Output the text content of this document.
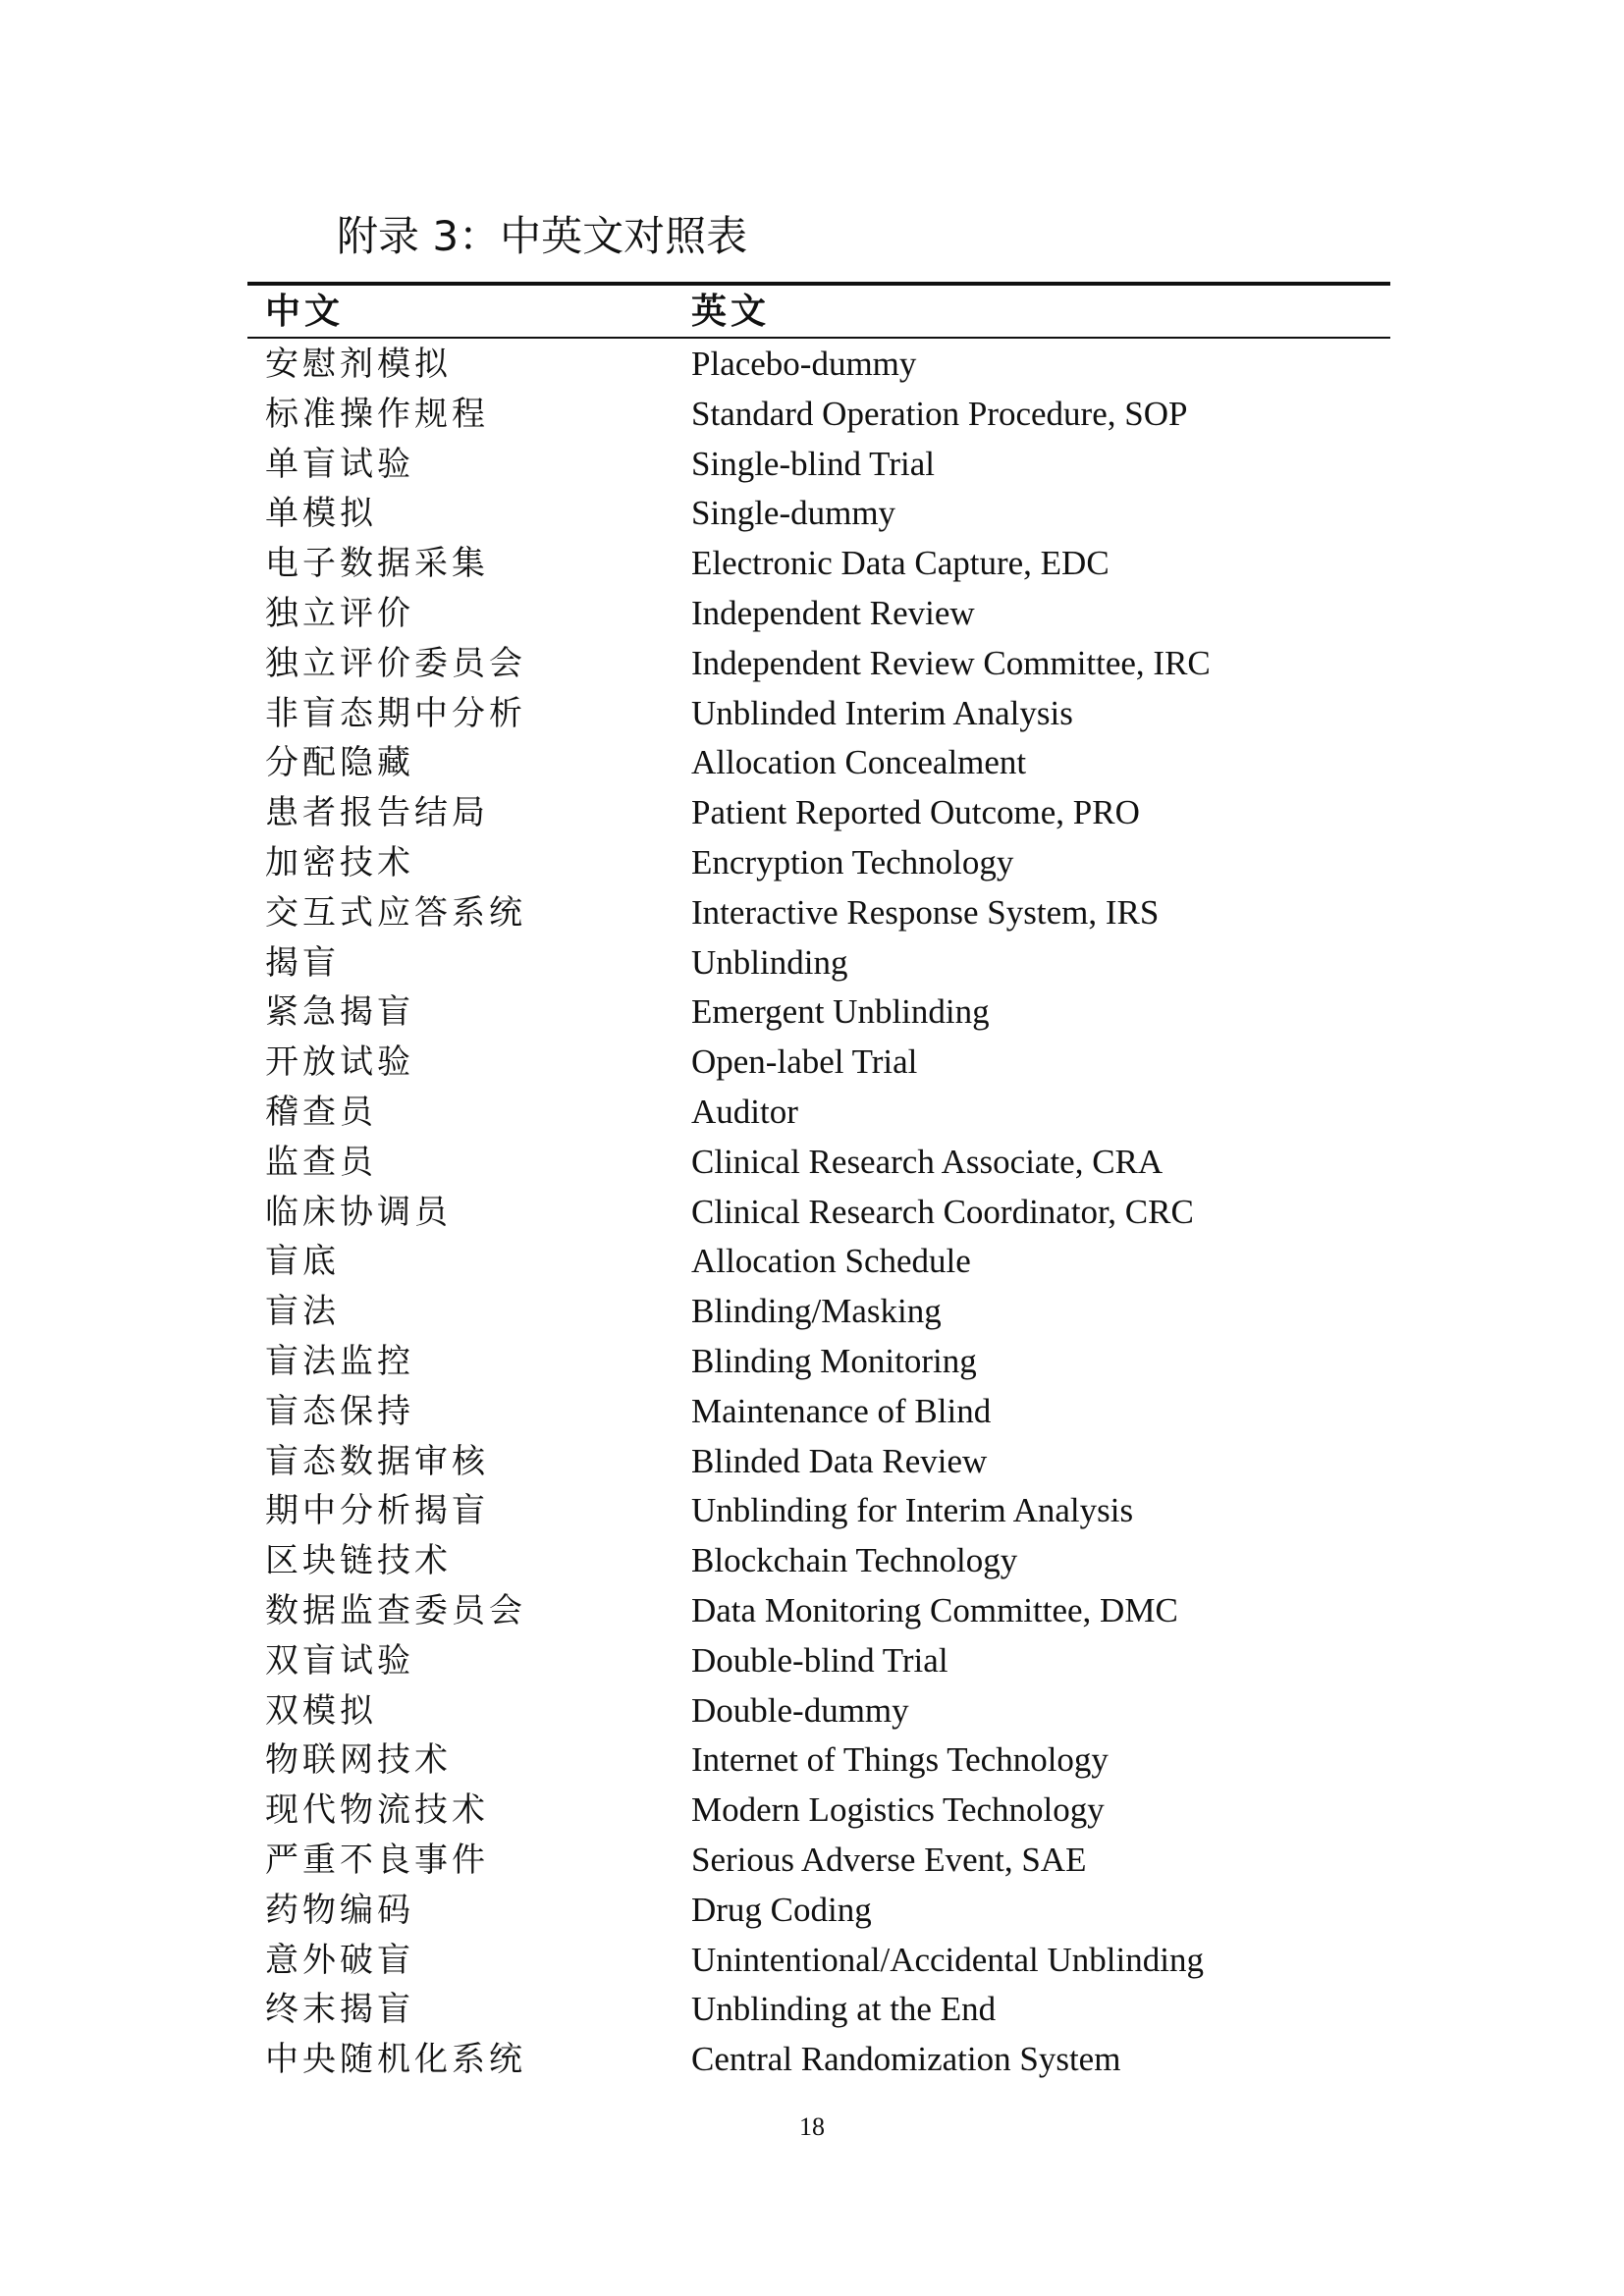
附录 3：中英文对照表
中文	英文
安慰剂模拟	Placebo-dummy
标准操作规程	Standard Operation Procedure, SOP
单盲试验	Single-blind Trial
单模拟	Single-dummy
电子数据采集	Electronic Data Capture, EDC
独立评价	Independent Review
独立评价委员会	Independent Review Committee, IRC
非盲态期中分析	Unblinded Interim Analysis
分配隐藏	Allocation Concealment
患者报告结局	Patient Reported Outcome, PRO
加密技术	Encryption Technology
交互式应答系统	Interactive Response System, IRS
揭盲	Unblinding
紧急揭盲	Emergent Unblinding
开放试验	Open-label Trial
稽查员	Auditor
监查员	Clinical Research Associate, CRA
临床协调员	Clinical Research Coordinator, CRC
盲底	Allocation Schedule
盲法	Blinding/Masking
盲法监控	Blinding Monitoring
盲态保持	Maintenance of Blind
盲态数据审核	Blinded Data Review
期中分析揭盲	Unblinding for Interim Analysis
区块链技术	Blockchain Technology
数据监查委员会	Data Monitoring Committee, DMC
双盲试验	Double-blind Trial
双模拟	Double-dummy
物联网技术	Internet of Things Technology
现代物流技术	Modern Logistics Technology
严重不良事件	Serious Adverse Event, SAE
药物编码	Drug Coding
意外破盲	Unintentional/Accidental Unblinding
终末揭盲	Unblinding at the End
中央随机化系统	Central Randomization System
18
